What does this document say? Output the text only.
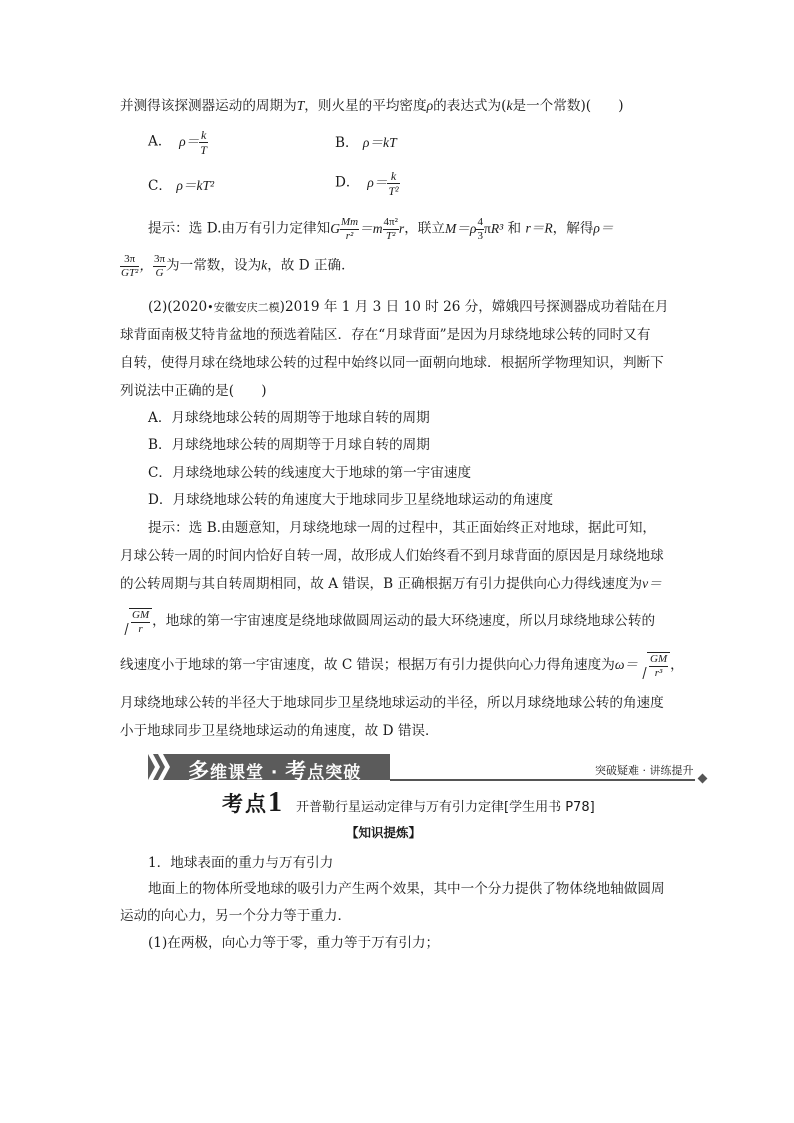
并测得该探测器运动的周期为T，则火星的平均密度ρ的表达式为(k是一个常数)(　　)
A．  $\rho= \frac{k}{T}$	B． ρ＝kT
C． ρ＝kT²	D．  $\rho= \frac{k}{\text{T²}}$
提示：选 D.由万有引力定律知G $\frac{Mm}{\text{r²}} =m \frac{\text{4π²}}{\text{T²}}$ r，联立$M=\rho \frac{4}{3} \pi R^3$ 和 r＝R，解得ρ＝
$\frac{3\pi}{\text{GT²}}$ ， $\frac{3\pi}{G}$ 为一常数，设为k，故 D 正确．
(2)(2020•安徽安庆二模)2019 年 1 月 3 日 10 时 26 分，嫦娥四号探测器成功着陆在月
球背面南极艾特肯盆地的预选着陆区．存在“月球背面”是因为月球绕地球公转的同时又有
自转，使得月球在绕地球公转的过程中始终以同一面朝向地球．根据所学物理知识，判断下
列说法中正确的是(　　)
A．月球绕地球公转的周期等于地球自转的周期
B．月球绕地球公转的周期等于月球自转的周期
C．月球绕地球公转的线速度大于地球的第一宇宙速度
D．月球绕地球公转的角速度大于地球同步卫星绕地球运动的角速度
提示：选 B.由题意知，月球绕地球一周的过程中，其正面始终正对地球，据此可知，
月球公转一周的时间内恰好自转一周，故形成人们始终看不到月球背面的原因是月球绕地球
的公转周期与其自转周期相同，故 A 错误，B 正确根据万有引力提供向心力得线速度为v＝
$\frac{GM}{r}$ ，地球的第一宇宙速度是绕地球做圆周运动的最大环绕速度，所以月球绕地球公转的
线速度小于地球的第一宇宙速度，故 C 错误；根据万有引力提供向心力得角速度为$\omega= \frac{GM}{\text{r³}}$ ，
月球绕地球公转的半径大于地球同步卫星绕地球运动的半径，所以月球绕地球公转的角速度
小于地球同步卫星绕地球运动的角速度，故 D 错误．
多维课堂 · 考点突破	突破疑难 · 讲练提升
考点1 开普勒行星运动定律与万有引力定律[学生用书 P78]
【知识提炼】
1．地球表面的重力与万有引力
地面上的物体所受地球的吸引力产生两个效果，其中一个分力提供了物体绕地轴做圆周
运动的向心力，另一个分力等于重力．
(1)在两极，向心力等于零，重力等于万有引力；
